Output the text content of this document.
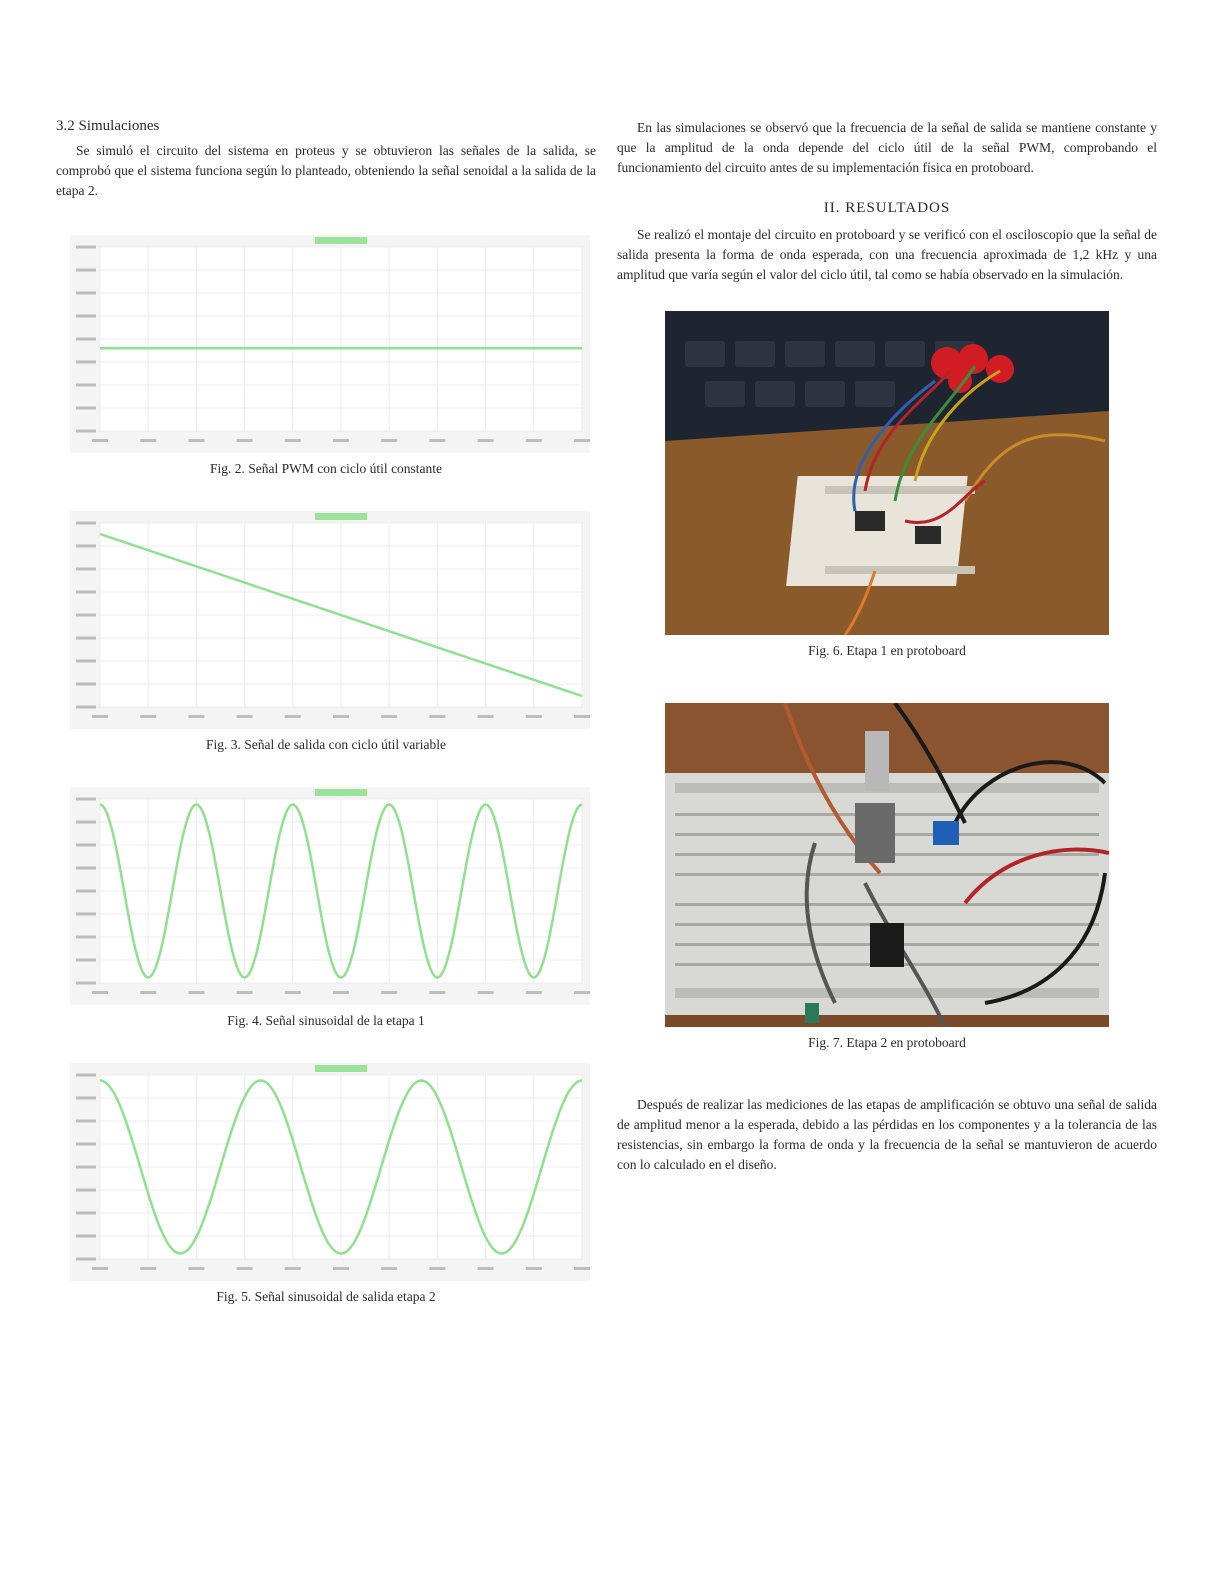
3.2 Simulaciones

Se simuló el circuito del sistema en proteus y se obtuvieron las señales de la salida, se comprobó que el sistema funciona según lo planteado, obteniendo la señal senoidal a la salida de la etapa 2.

Fig. 2. Señal PWM con ciclo útil constante

Fig. 3. Señal de salida con ciclo útil variable

Fig. 4. Señal sinusoidal de la etapa 1

Fig. 5. Señal sinusoidal de salida etapa 2

En las simulaciones se observó que la frecuencia de la señal de salida se mantiene constante y que la amplitud de la onda depende del ciclo útil de la señal PWM, comprobando el funcionamiento del circuito antes de su implementación física en protoboard.

II. RESULTADOS

Se realizó el montaje del circuito en protoboard y se verificó con el osciloscopio que la señal de salida presenta la forma de onda esperada, con una frecuencia aproximada de 1,2 kHz y una amplitud que varía según el valor del ciclo útil, tal como se había observado en la simulación.

Fig. 6. Etapa 1 en protoboard

Fig. 7. Etapa 2 en protoboard

Después de realizar las mediciones de las etapas de amplificación se obtuvo una señal de salida de amplitud menor a la esperada, debido a las pérdidas en los componentes y a la tolerancia de las resistencias, sin embargo la forma de onda y la frecuencia de la señal se mantuvieron de acuerdo con lo calculado en el diseño.
